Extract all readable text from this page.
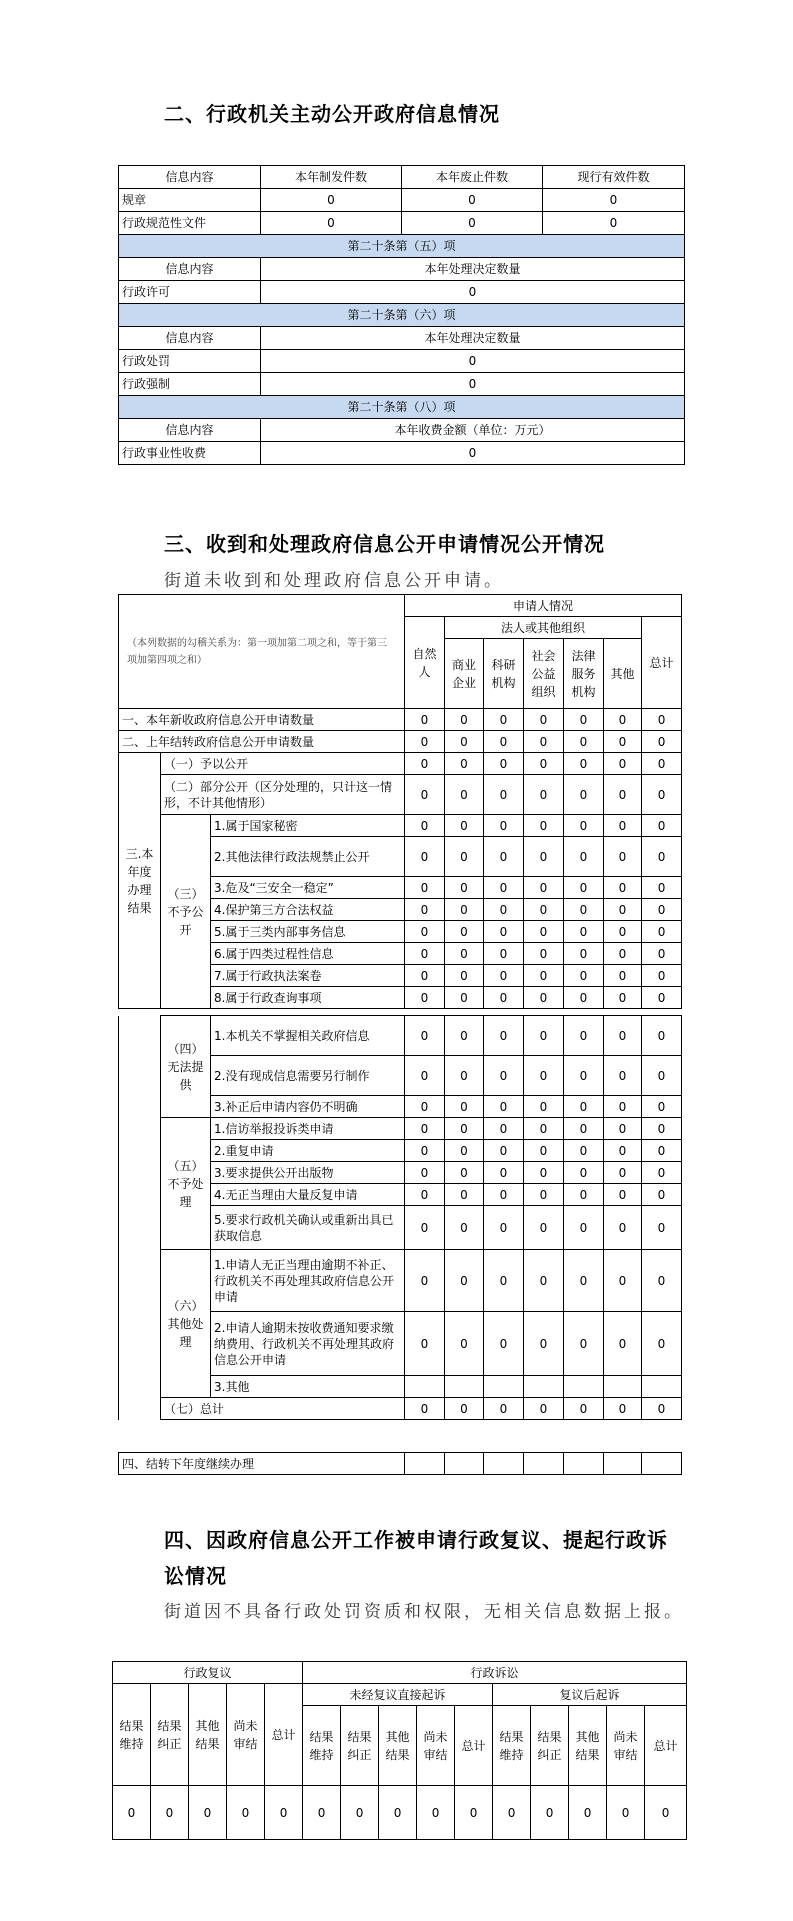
二、行政机关主动公开政府信息情况
信息内容	本年制发件数	本年废止件数	现行有效件数
规章	0	0	0
行政规范性文件	0	0	0
第二十条第（五）项			
信息内容	本年处理决定数量		
行政许可	0		
第二十条第（六）项			
信息内容	本年处理决定数量		
行政处罚	0		
行政强制	0		
第二十条第（八）项			
信息内容	本年收费金额（单位：万元）		
行政事业性收费	0		
三、收到和处理政府信息公开申请情况公开情况
街道未收到和处理政府信息公开申请。
（本列数据的勾稽关系为：第一项加第二项之和，等于第三项加第四项之和）			申请人情况						
			自然人	法人或其他组织					总计
				商业企业	科研机构	社会公益组织	法律服务机构	其他	
一、本年新收政府信息公开申请数量			0	0	0	0	0	0	0
二、上年结转政府信息公开申请数量			0	0	0	0	0	0	0
三.本年度办理结果	（一）予以公开		0	0	0	0	0	0	0
	（二）部分公开（区分处理的，只计这一情形，不计其他情形）		0	0	0	0	0	0	0
	（三）不予公开	1.属于国家秘密	0	0	0	0	0	0	0
		2.其他法律行政法规禁止公开	0	0	0	0	0	0	0
		3.危及“三安全一稳定”	0	0	0	0	0	0	0
		4.保护第三方合法权益	0	0	0	0	0	0	0
		5.属于三类内部事务信息	0	0	0	0	0	0	0
		6.属于四类过程性信息	0	0	0	0	0	0	0
		7.属于行政执法案卷	0	0	0	0	0	0	0
		8.属于行政查询事项	0	0	0	0	0	0	0
	（四）无法提供	1.本机关不掌握相关政府信息	0	0	0	0	0	0	0
		2.没有现成信息需要另行制作	0	0	0	0	0	0	0
		3.补正后申请内容仍不明确	0	0	0	0	0	0	0
	（五）不予处理	1.信访举报投诉类申请	0	0	0	0	0	0	0
		2.重复申请	0	0	0	0	0	0	0
		3.要求提供公开出版物	0	0	0	0	0	0	0
		4.无正当理由大量反复申请	0	0	0	0	0	0	0
		5.要求行政机关确认或重新出具已获取信息	0	0	0	0	0	0	0
	（六）其他处理	1.申请人无正当理由逾期不补正、行政机关不再处理其政府信息公开申请	0	0	0	0	0	0	0
		2.申请人逾期未按收费通知要求缴纳费用、行政机关不再处理其政府信息公开申请	0	0	0	0	0	0	0
		3.其他							
	（七）总计		0	0	0	0	0	0	0
四、结转下年度继续办理							
四、因政府信息公开工作被申请行政复议、提起行政诉讼情况
街道因不具备行政处罚资质和权限，无相关信息数据上报。
行政复议					行政诉讼									
结果维持	结果纠正	其他结果	尚未审结	总计	未经复议直接起诉					复议后起诉				
					结果维持	结果纠正	其他结果	尚未审结	总计	结果维持	结果纠正	其他结果	尚未审结	总计
0	0	0	0	0	0	0	0	0	0	0	0	0	0	0
